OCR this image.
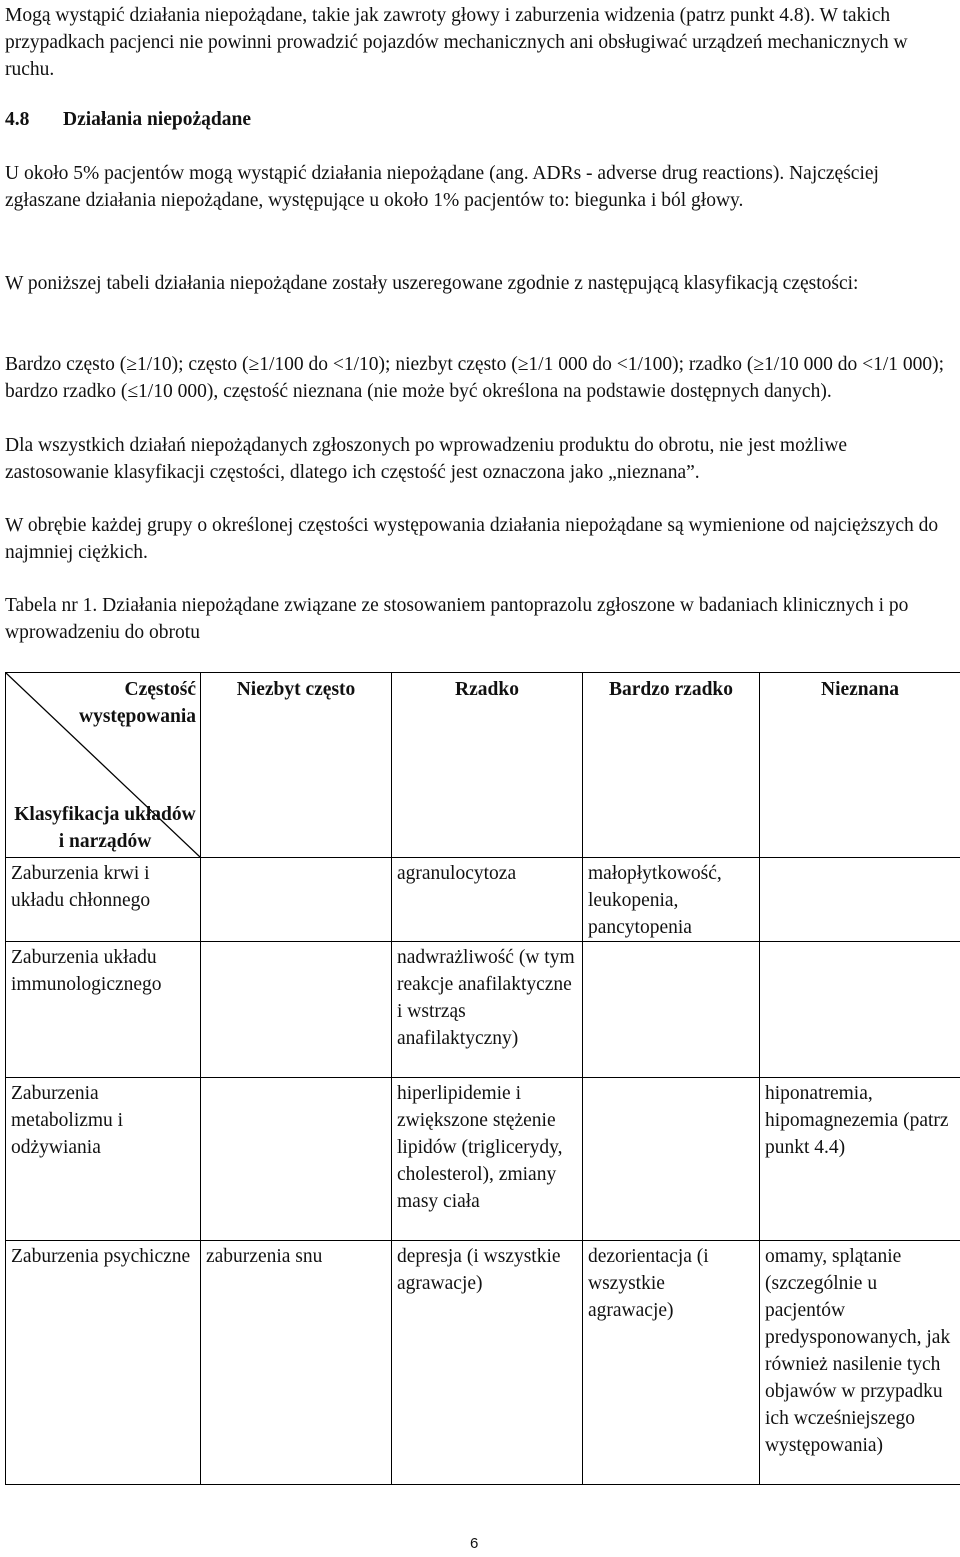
Mogą wystąpić działania niepożądane, takie jak zawroty głowy i zaburzenia widzenia (patrz punkt 4.8). W takich przypadkach pacjenci nie powinni prowadzić pojazdów mechanicznych ani obsługiwać urządzeń mechanicznych w ruchu.

4.8 Działania niepożądane

U około 5% pacjentów mogą wystąpić działania niepożądane (ang. ADRs - adverse drug reactions). Najczęściej zgłaszane działania niepożądane, występujące u około 1% pacjentów to: biegunka i ból głowy.

W poniższej tabeli działania niepożądane zostały uszeregowane zgodnie z następującą klasyfikacją częstości:

Bardzo często (≥1/10); często (≥1/100 do <1/10); niezbyt często (≥1/1 000 do <1/100); rzadko (≥1/10 000 do <1/1 000); bardzo rzadko (≤1/10 000), częstość nieznana (nie może być określona na podstawie dostępnych danych).

Dla wszystkich działań niepożądanych zgłoszonych po wprowadzeniu produktu do obrotu, nie jest możliwe zastosowanie klasyfikacji częstości, dlatego ich częstość jest oznaczona jako „nieznana”.

W obrębie każdej grupy o określonej częstości występowania działania niepożądane są wymienione od najcięższych do najmniej ciężkich.

Tabela nr 1. Działania niepożądane związane ze stosowaniem pantoprazolu zgłoszone w badaniach klinicznych i po wprowadzeniu do obrotu

Częstość występowania
Klasyfikacja układów i narządów	Niezbyt często	Rzadko	Bardzo rzadko	Nieznana

Zaburzenia krwi i układu chłonnego		agranulocytoza	małopłytkowość, leukopenia, pancytopenia	
Zaburzenia układu immunologicznego		nadwrażliwość (w tym reakcje anafilaktyczne i wstrząs anafilaktyczny)		
Zaburzenia metabolizmu i odżywiania		hiperlipidemie i zwiększone stężenie lipidów (triglicerydy, cholesterol), zmiany masy ciała		hiponatremia, hipomagnezemia (patrz punkt 4.4)
Zaburzenia psychiczne	zaburzenia snu	depresja (i wszystkie agrawacje)	dezorientacja (i wszystkie agrawacje)	omamy, splątanie (szczególnie u pacjentów predysponowanych, jak również nasilenie tych objawów w przypadku ich wcześniejszego występowania)
6
